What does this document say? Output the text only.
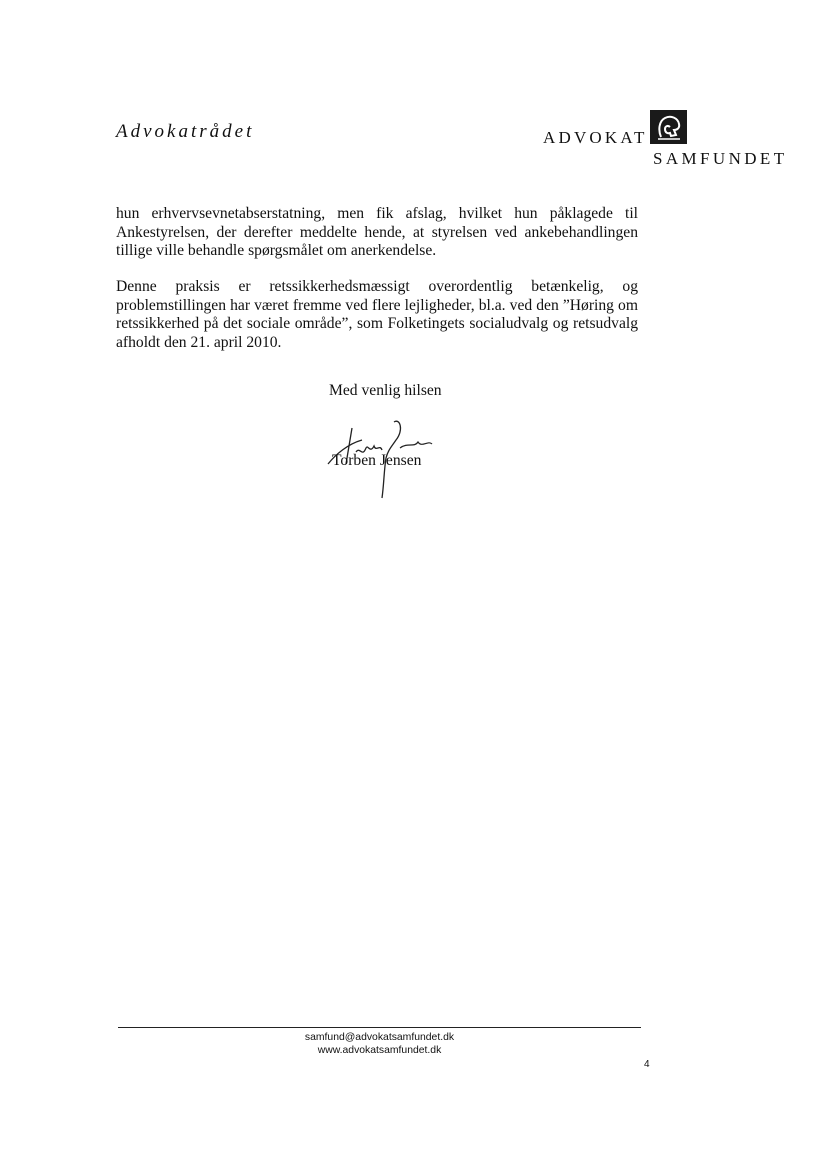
Advokatrådet	ADVOKAT
SAMFUNDET

hun erhvervsevnetabserstatning, men fik afslag, hvilket hun påklagede til Ankestyrelsen, der derefter meddelte hende, at styrelsen ved ankebehandlingen tillige ville behandle spørgsmålet om anerkendelse.

Denne praksis er retssikkerhedsmæssigt overordentlig betænkelig, og problemstillingen har været fremme ved flere lejligheder, bl.a. ved den ”Høring om retssikkerhed på det sociale område”, som Folketingets socialudvalg og retsudvalg afholdt den 21. april 2010.

Med venlig hilsen
Torben Jensen
samfund@advokatsamfundet.dk
www.advokatsamfundet.dk
4
